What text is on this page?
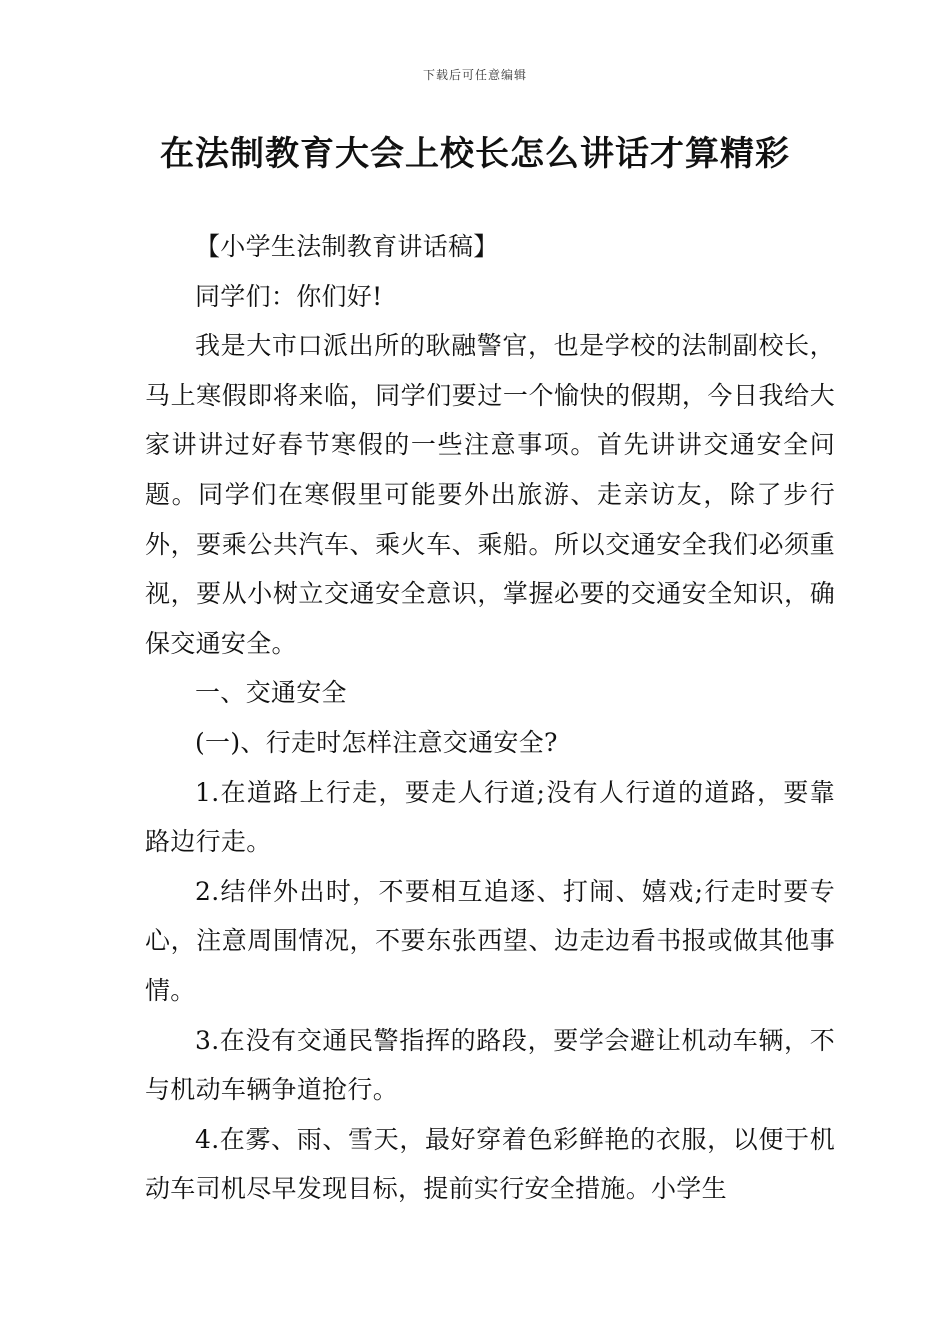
下载后可任意编辑
在法制教育大会上校长怎么讲话才算精彩

【小学生法制教育讲话稿】

同学们：你们好!

我是大市口派出所的耿融警官，也是学校的法制副校长，马上寒假即将来临，同学们要过一个愉快的假期，今日我给大家讲讲过好春节寒假的一些注意事项。首先讲讲交通安全问题。同学们在寒假里可能要外出旅游、走亲访友，除了步行外，要乘公共汽车、乘火车、乘船。所以交通安全我们必须重视，要从小树立交通安全意识，掌握必要的交通安全知识，确保交通安全。

一、交通安全

(一)、行走时怎样注意交通安全?

1.在道路上行走，要走人行道;没有人行道的道路，要靠路边行走。

2.结伴外出时，不要相互追逐、打闹、嬉戏;行走时要专心，注意周围情况，不要东张西望、边走边看书报或做其他事情。

3.在没有交通民警指挥的路段，要学会避让机动车辆，不与机动车辆争道抢行。

4.在雾、雨、雪天，最好穿着色彩鲜艳的衣服，以便于机动车司机尽早发现目标，提前实行安全措施。小学生
